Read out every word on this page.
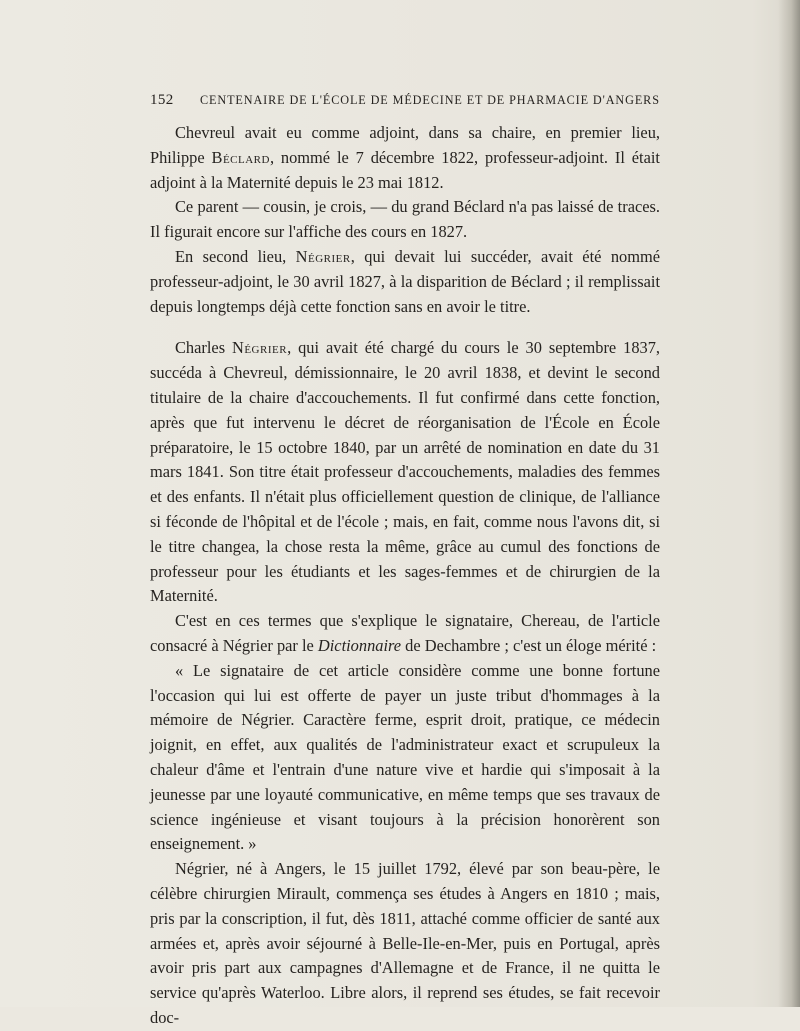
152 CENTENAIRE DE L'ÉCOLE DE MÉDECINE ET DE PHARMACIE D'ANGERS

Chevreul avait eu comme adjoint, dans sa chaire, en premier lieu, Philippe Béclard, nommé le 7 décembre 1822, professeur-adjoint. Il était adjoint à la Maternité depuis le 23 mai 1812.

Ce parent — cousin, je crois, — du grand Béclard n'a pas laissé de traces. Il figurait encore sur l'affiche des cours en 1827.

En second lieu, Négrier, qui devait lui succéder, avait été nommé professeur-adjoint, le 30 avril 1827, à la disparition de Béclard ; il remplissait depuis longtemps déjà cette fonction sans en avoir le titre.

Charles Négrier, qui avait été chargé du cours le 30 septembre 1837, succéda à Chevreul, démissionnaire, le 20 avril 1838, et devint le second titulaire de la chaire d'accouchements. Il fut confirmé dans cette fonction, après que fut intervenu le décret de réorganisation de l'École en École préparatoire, le 15 octobre 1840, par un arrêté de nomination en date du 31 mars 1841. Son titre était professeur d'accouchements, maladies des femmes et des enfants. Il n'était plus officiellement question de clinique, de l'alliance si féconde de l'hôpital et de l'école ; mais, en fait, comme nous l'avons dit, si le titre changea, la chose resta la même, grâce au cumul des fonctions de professeur pour les étudiants et les sages-femmes et de chirurgien de la Maternité.

C'est en ces termes que s'explique le signataire, Chereau, de l'article consacré à Négrier par le Dictionnaire de Dechambre ; c'est un éloge mérité :

« Le signataire de cet article considère comme une bonne fortune l'occasion qui lui est offerte de payer un juste tribut d'hommages à la mémoire de Négrier. Caractère ferme, esprit droit, pratique, ce médecin joignit, en effet, aux qualités de l'administrateur exact et scrupuleux la chaleur d'âme et l'entrain d'une nature vive et hardie qui s'imposait à la jeunesse par une loyauté communicative, en même temps que ses travaux de science ingénieuse et visant toujours à la précision honorèrent son enseignement. »

Négrier, né à Angers, le 15 juillet 1792, élevé par son beau-père, le célèbre chirurgien Mirault, commença ses études à Angers en 1810 ; mais, pris par la conscription, il fut, dès 1811, attaché comme officier de santé aux armées et, après avoir séjourné à Belle-Ile-en-Mer, puis en Portugal, après avoir pris part aux campagnes d'Allemagne et de France, il ne quitta le service qu'après Waterloo. Libre alors, il reprend ses études, se fait recevoir doc-
